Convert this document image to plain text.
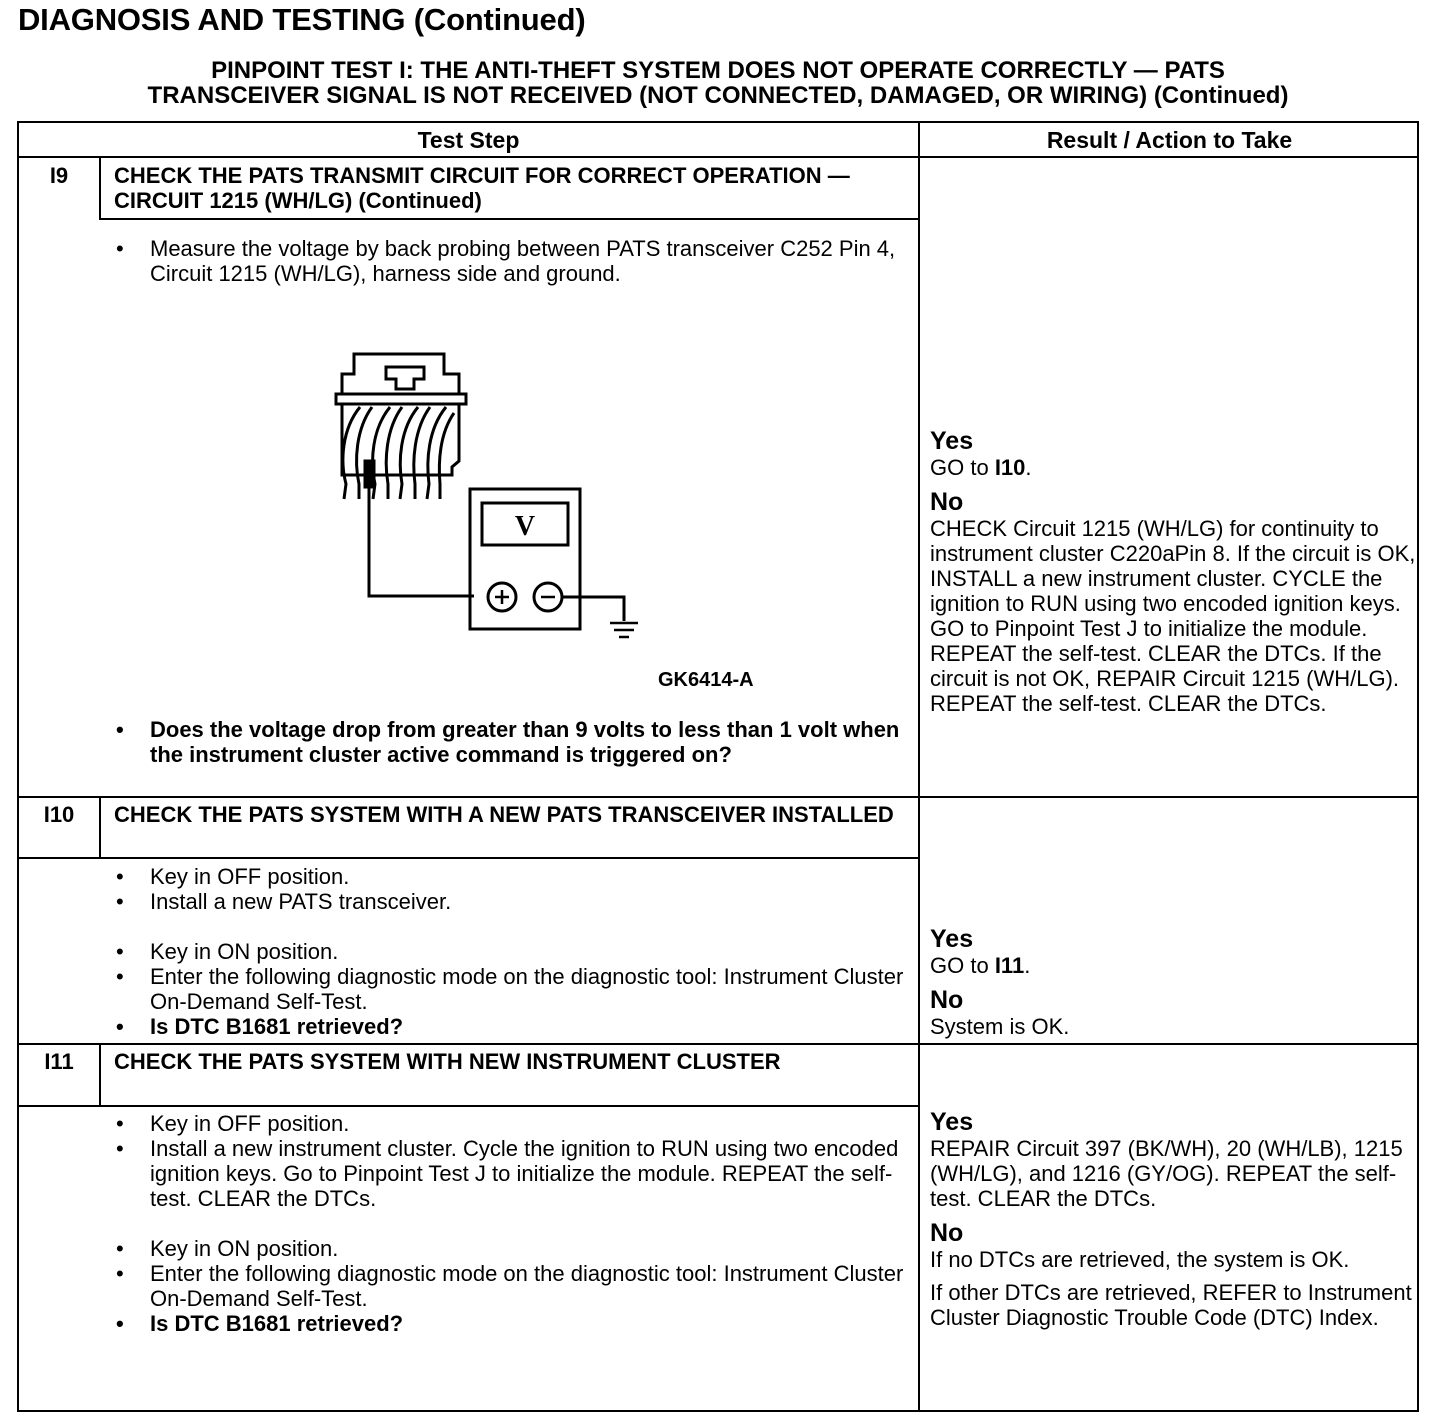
DIAGNOSIS AND TESTING (Continued)
PINPOINT TEST I: THE ANTI-THEFT SYSTEM DOES NOT OPERATE CORRECTLY — PATS
TRANSCEIVER SIGNAL IS NOT RECEIVED (NOT CONNECTED, DAMAGED, OR WIRING) (Continued)
Test Step	Result / Action to Take
I9	CHECK THE PATS TRANSMIT CIRCUIT FOR CORRECT OPERATION — CIRCUIT 1215 (WH/LG) (Continued)
• Measure the voltage by back probing between PATS transceiver C252 Pin 4, Circuit 1215 (WH/LG), harness side and ground.
V
GK6414-A
• Does the voltage drop from greater than 9 volts to less than 1 volt when the instrument cluster active command is triggered on?
Yes
GO to I10.
No
CHECK Circuit 1215 (WH/LG) for continuity to instrument cluster C220aPin 8. If the circuit is OK, INSTALL a new instrument cluster. CYCLE the ignition to RUN using two encoded ignition keys. GO to Pinpoint Test J to initialize the module. REPEAT the self-test. CLEAR the DTCs. If the circuit is not OK, REPAIR Circuit 1215 (WH/LG). REPEAT the self-test. CLEAR the DTCs.
I10	CHECK THE PATS SYSTEM WITH A NEW PATS TRANSCEIVER INSTALLED
• Key in OFF position.
• Install a new PATS transceiver.
• Key in ON position.
• Enter the following diagnostic mode on the diagnostic tool: Instrument Cluster On-Demand Self-Test.
• Is DTC B1681 retrieved?
Yes
GO to I11.
No
System is OK.
I11	CHECK THE PATS SYSTEM WITH NEW INSTRUMENT CLUSTER
• Key in OFF position.
• Install a new instrument cluster. Cycle the ignition to RUN using two encoded ignition keys. Go to Pinpoint Test J to initialize the module. REPEAT the self-test. CLEAR the DTCs.
• Key in ON position.
• Enter the following diagnostic mode on the diagnostic tool: Instrument Cluster On-Demand Self-Test.
• Is DTC B1681 retrieved?
Yes
REPAIR Circuit 397 (BK/WH), 20 (WH/LB), 1215 (WH/LG), and 1216 (GY/OG). REPEAT the self-test. CLEAR the DTCs.
No
If no DTCs are retrieved, the system is OK.
If other DTCs are retrieved, REFER to Instrument Cluster Diagnostic Trouble Code (DTC) Index.
